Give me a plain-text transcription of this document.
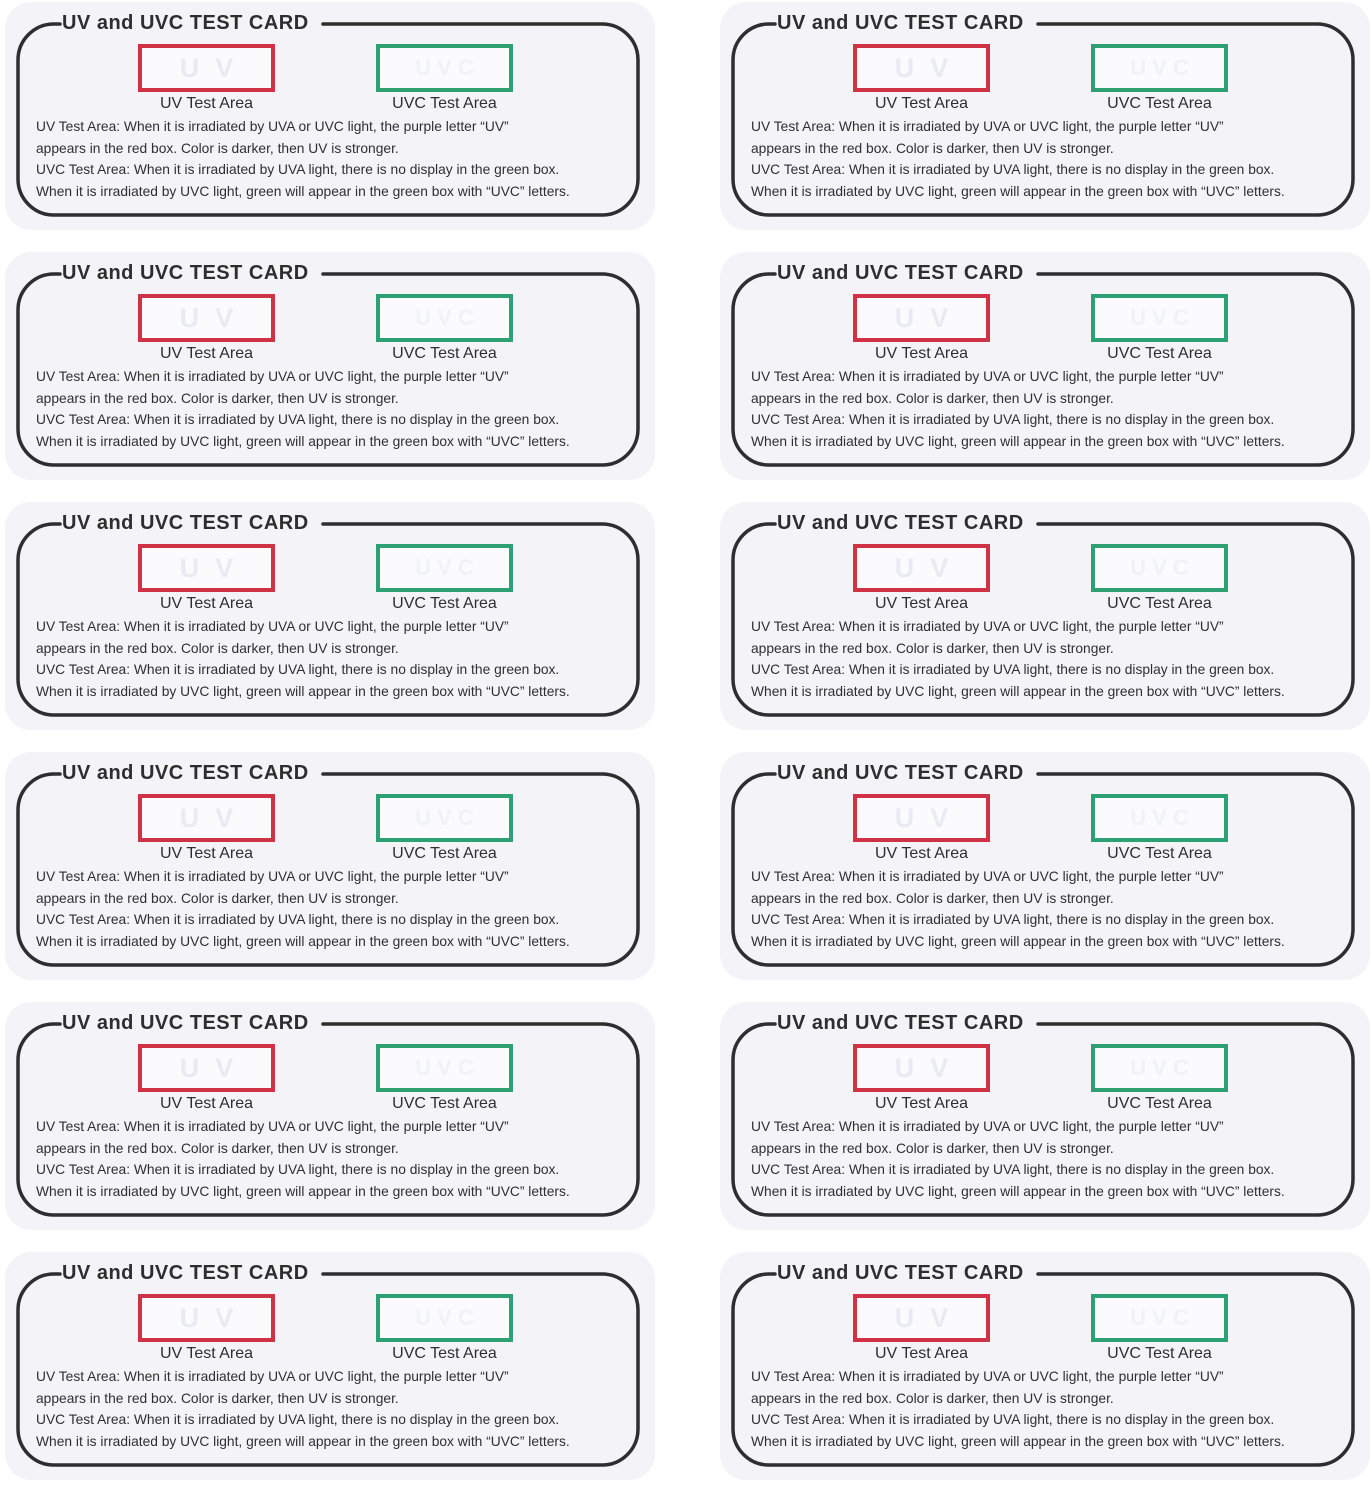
UV and UVC TEST CARD
UV
UV Test Area
UVC
UVC Test Area
UV Test Area: When it is irradiated by UVA or UVC light, the purple letter “UV”
appears in the red box. Color is darker, then UV is stronger.
UVC Test Area: When it is irradiated by UVA light, there is no display in the green box.
When it is irradiated by UVC light, green will appear in the green box with “UVC” letters.
UV and UVC TEST CARD
UV
UV Test Area
UVC
UVC Test Area
UV Test Area: When it is irradiated by UVA or UVC light, the purple letter “UV”
appears in the red box. Color is darker, then UV is stronger.
UVC Test Area: When it is irradiated by UVA light, there is no display in the green box.
When it is irradiated by UVC light, green will appear in the green box with “UVC” letters.
UV and UVC TEST CARD
UV
UV Test Area
UVC
UVC Test Area
UV Test Area: When it is irradiated by UVA or UVC light, the purple letter “UV”
appears in the red box. Color is darker, then UV is stronger.
UVC Test Area: When it is irradiated by UVA light, there is no display in the green box.
When it is irradiated by UVC light, green will appear in the green box with “UVC” letters.
UV and UVC TEST CARD
UV
UV Test Area
UVC
UVC Test Area
UV Test Area: When it is irradiated by UVA or UVC light, the purple letter “UV”
appears in the red box. Color is darker, then UV is stronger.
UVC Test Area: When it is irradiated by UVA light, there is no display in the green box.
When it is irradiated by UVC light, green will appear in the green box with “UVC” letters.
UV and UVC TEST CARD
UV
UV Test Area
UVC
UVC Test Area
UV Test Area: When it is irradiated by UVA or UVC light, the purple letter “UV”
appears in the red box. Color is darker, then UV is stronger.
UVC Test Area: When it is irradiated by UVA light, there is no display in the green box.
When it is irradiated by UVC light, green will appear in the green box with “UVC” letters.
UV and UVC TEST CARD
UV
UV Test Area
UVC
UVC Test Area
UV Test Area: When it is irradiated by UVA or UVC light, the purple letter “UV”
appears in the red box. Color is darker, then UV is stronger.
UVC Test Area: When it is irradiated by UVA light, there is no display in the green box.
When it is irradiated by UVC light, green will appear in the green box with “UVC” letters.
UV and UVC TEST CARD
UV
UV Test Area
UVC
UVC Test Area
UV Test Area: When it is irradiated by UVA or UVC light, the purple letter “UV”
appears in the red box. Color is darker, then UV is stronger.
UVC Test Area: When it is irradiated by UVA light, there is no display in the green box.
When it is irradiated by UVC light, green will appear in the green box with “UVC” letters.
UV and UVC TEST CARD
UV
UV Test Area
UVC
UVC Test Area
UV Test Area: When it is irradiated by UVA or UVC light, the purple letter “UV”
appears in the red box. Color is darker, then UV is stronger.
UVC Test Area: When it is irradiated by UVA light, there is no display in the green box.
When it is irradiated by UVC light, green will appear in the green box with “UVC” letters.
UV and UVC TEST CARD
UV
UV Test Area
UVC
UVC Test Area
UV Test Area: When it is irradiated by UVA or UVC light, the purple letter “UV”
appears in the red box. Color is darker, then UV is stronger.
UVC Test Area: When it is irradiated by UVA light, there is no display in the green box.
When it is irradiated by UVC light, green will appear in the green box with “UVC” letters.
UV and UVC TEST CARD
UV
UV Test Area
UVC
UVC Test Area
UV Test Area: When it is irradiated by UVA or UVC light, the purple letter “UV”
appears in the red box. Color is darker, then UV is stronger.
UVC Test Area: When it is irradiated by UVA light, there is no display in the green box.
When it is irradiated by UVC light, green will appear in the green box with “UVC” letters.
UV and UVC TEST CARD
UV
UV Test Area
UVC
UVC Test Area
UV Test Area: When it is irradiated by UVA or UVC light, the purple letter “UV”
appears in the red box. Color is darker, then UV is stronger.
UVC Test Area: When it is irradiated by UVA light, there is no display in the green box.
When it is irradiated by UVC light, green will appear in the green box with “UVC” letters.
UV and UVC TEST CARD
UV
UV Test Area
UVC
UVC Test Area
UV Test Area: When it is irradiated by UVA or UVC light, the purple letter “UV”
appears in the red box. Color is darker, then UV is stronger.
UVC Test Area: When it is irradiated by UVA light, there is no display in the green box.
When it is irradiated by UVC light, green will appear in the green box with “UVC” letters.
